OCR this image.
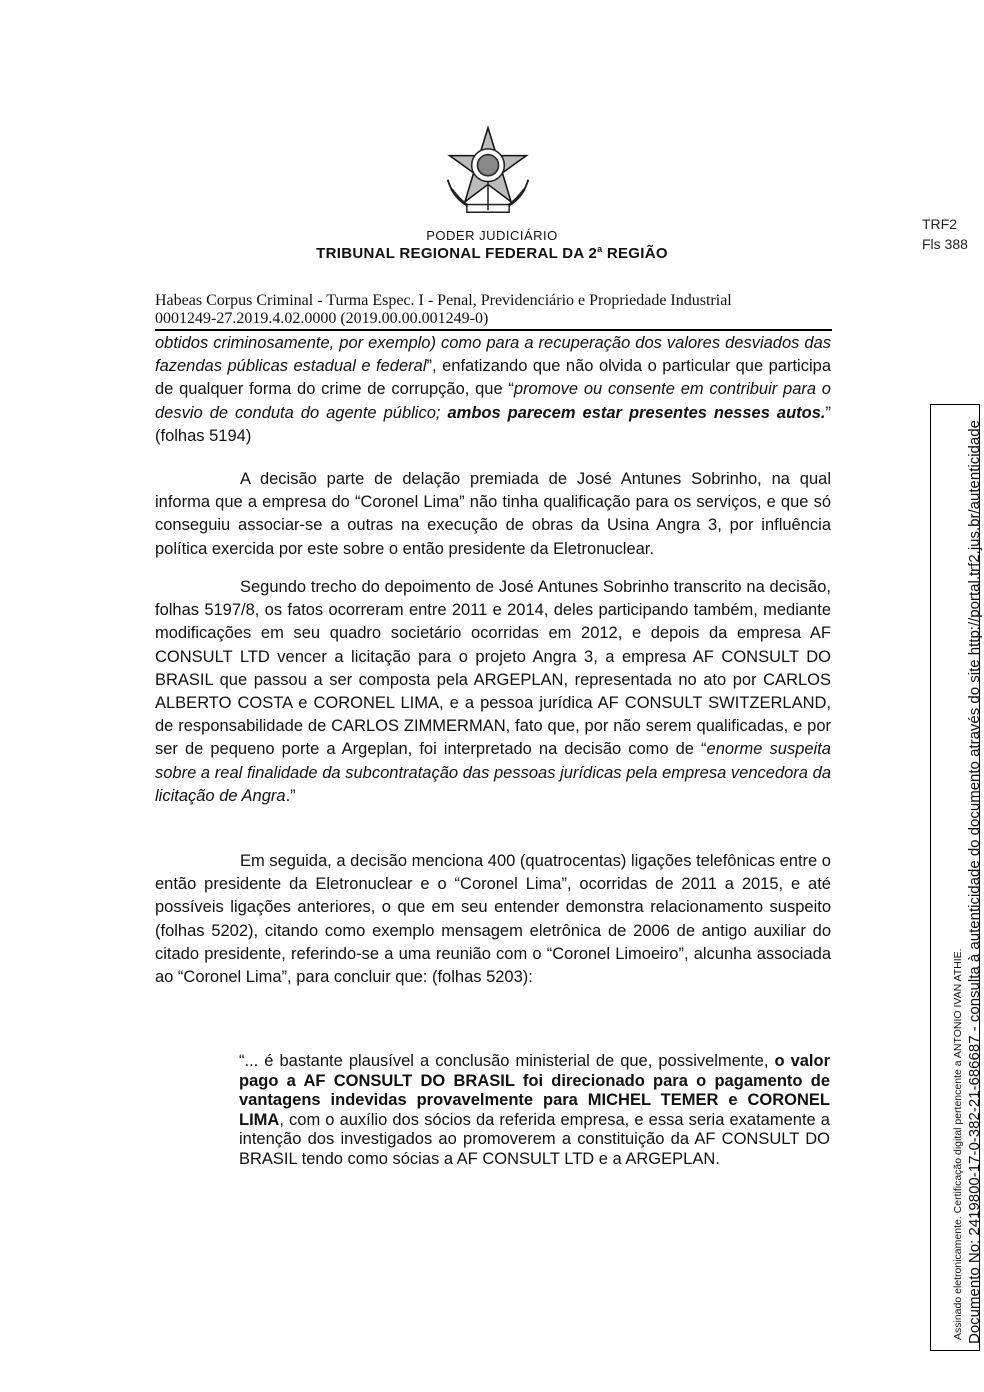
PODER JUDICIÁRIO
TRIBUNAL REGIONAL FEDERAL DA 2$^a$ REGIÃO
TRF2
Fls 388
Habeas Corpus Criminal - Turma Espec. I - Penal, Previdenciário e Propriedade Industrial
0001249-27.2019.4.02.0000 (2019.00.00.001249-0)
obtidos criminosamente, por exemplo) como para a recuperação dos valores desviados das fazendas públicas estadual e federal”, enfatizando que não olvida o particular que participa de qualquer forma do crime de corrupção, que “promove ou consente em contribuir para o desvio de conduta do agente público; ambos parecem estar presentes nesses autos.” (folhas 5194)

A decisão parte de delação premiada de José Antunes Sobrinho, na qual informa que a empresa do “Coronel Lima” não tinha qualificação para os serviços, e que só conseguiu associar-se a outras na execução de obras da Usina Angra 3, por influência política exercida por este sobre o então presidente da Eletronuclear.

Segundo trecho do depoimento de José Antunes Sobrinho transcrito na decisão, folhas 5197/8, os fatos ocorreram entre 2011 e 2014, deles participando também, mediante modificações em seu quadro societário ocorridas em 2012, e depois da empresa AF CONSULT LTD vencer a licitação para o projeto Angra 3, a empresa AF CONSULT DO BRASIL que passou a ser composta pela ARGEPLAN, representada no ato por CARLOS ALBERTO COSTA e CORONEL LIMA, e a pessoa jurídica AF CONSULT SWITZERLAND, de responsabilidade de CARLOS ZIMMERMAN, fato que, por não serem qualificadas, e por ser de pequeno porte a Argeplan, foi interpretado na decisão como de “enorme suspeita sobre a real finalidade da subcontratação das pessoas jurídicas pela empresa vencedora da licitação de Angra.”

Em seguida, a decisão menciona 400 (quatrocentas) ligações telefônicas entre o então presidente da Eletronuclear e o “Coronel Lima”, ocorridas de 2011 a 2015, e até possíveis ligações anteriores, o que em seu entender demonstra relacionamento suspeito (folhas 5202), citando como exemplo mensagem eletrônica de 2006 de antigo auxiliar do citado presidente, referindo-se a uma reunião com o “Coronel Limoeiro”, alcunha associada ao “Coronel Lima”, para concluir que: (folhas 5203):

“... é bastante plausível a conclusão ministerial de que, possivelmente, o valor pago a AF CONSULT DO BRASIL foi direcionado para o pagamento de vantagens indevidas provavelmente para MICHEL TEMER e CORONEL LIMA, com o auxílio dos sócios da referida empresa, e essa seria exatamente a intenção dos investigados ao promoverem a constituição da AF CONSULT DO BRASIL tendo como sócias a AF CONSULT LTD e a ARGEPLAN.	Assinado eletronicamente. Certificação digital pertencente a ANTONIO IVAN ATHIE. Documento No: 2419800-17-0-382-21-686687 - consulta à autenticidade do documento através do site http://portal.trf2.jus.br/autenticidade
